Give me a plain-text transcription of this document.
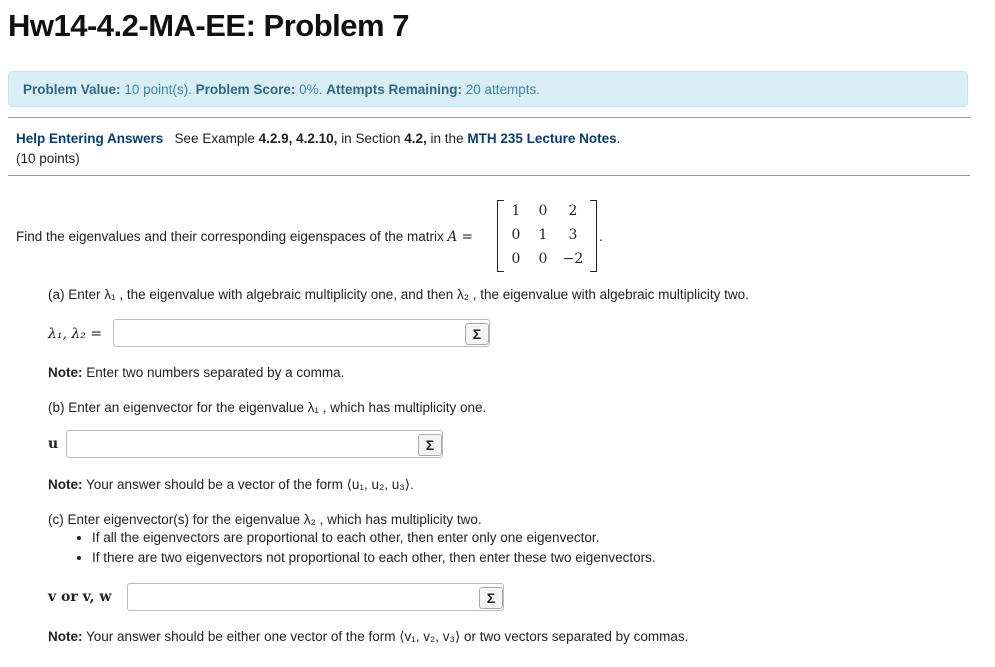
Hw14-4.2-MA-EE: Problem 7
Problem Value: 10 point(s). Problem Score: 0%. Attempts Remaining: 20 attempts.
Help Entering Answers See Example 4.2.9, 4.2.10, in Section 4.2, in the MTH 235 Lecture Notes.
(10 points)
Find the eigenvalues and their corresponding eigenspaces of the matrix A =
1	0	2
0	1	3
0	0	−2
.
(a) Enter λ₁ , the eigenvalue with algebraic multiplicity one, and then λ₂ , the eigenvalue with algebraic multiplicity two.
λ₁, λ₂ =	Σ
Note: Enter two numbers separated by a comma.
(b) Enter an eigenvector for the eigenvalue λ₁ , which has multiplicity one.
u	Σ
Note: Your answer should be a vector of the form ⟨u₁, u₂, u₃⟩.
(c) Enter eigenvector(s) for the eigenvalue λ₂ , which has multiplicity two.
• If all the eigenvectors are proportional to each other, then enter only one eigenvector.
• If there are two eigenvectors not proportional to each other, then enter these two eigenvectors.
v or v, w	Σ
Note: Your answer should be either one vector of the form ⟨v₁, v₂, v₃⟩ or two vectors separated by commas.
